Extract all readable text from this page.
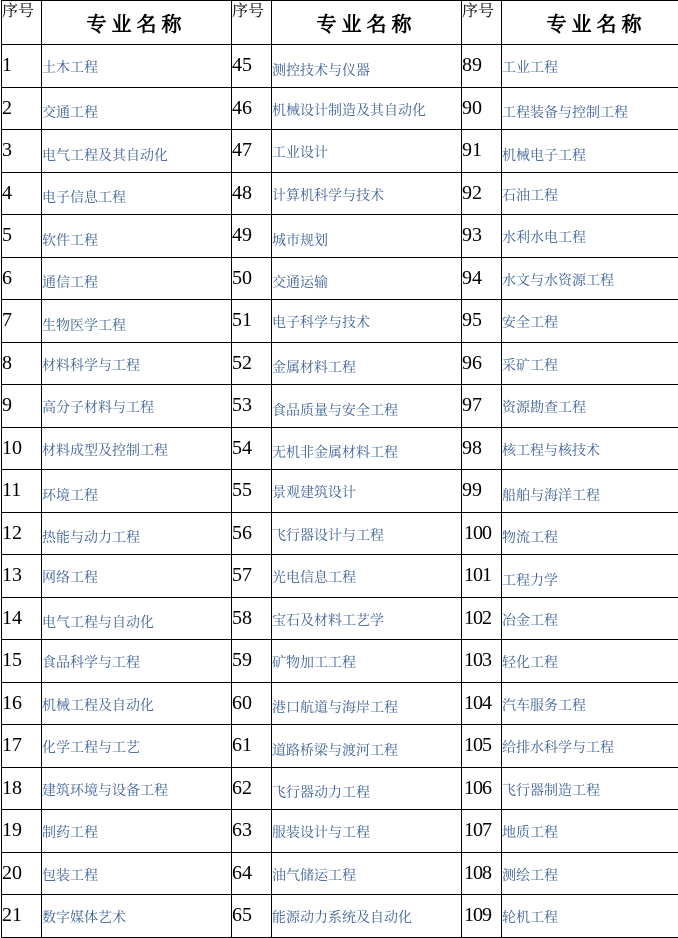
序号	专业名称	序号	专业名称	序号	专业名称
1	土木工程	45	测控技术与仪器	89	工业工程
2	交通工程	46	机械设计制造及其自动化	90	工程装备与控制工程
3	电气工程及其自动化	47	工业设计	91	机械电子工程
4	电子信息工程	48	计算机科学与技术	92	石油工程
5	软件工程	49	城市规划	93	水利水电工程
6	通信工程	50	交通运输	94	水文与水资源工程
7	生物医学工程	51	电子科学与技术	95	安全工程
8	材料科学与工程	52	金属材料工程	96	采矿工程
9	高分子材料与工程	53	食品质量与安全工程	97	资源勘查工程
10	材料成型及控制工程	54	无机非金属材料工程	98	核工程与核技术
11	环境工程	55	景观建筑设计	99	船舶与海洋工程
12	热能与动力工程	56	飞行器设计与工程	100	物流工程
13	网络工程	57	光电信息工程	101	工程力学
14	电气工程与自动化	58	宝石及材料工艺学	102	冶金工程
15	食品科学与工程	59	矿物加工工程	103	轻化工程
16	机械工程及自动化	60	港口航道与海岸工程	104	汽车服务工程
17	化学工程与工艺	61	道路桥梁与渡河工程	105	给排水科学与工程
18	建筑环境与设备工程	62	飞行器动力工程	106	飞行器制造工程
19	制药工程	63	服装设计与工程	107	地质工程
20	包装工程	64	油气储运工程	108	测绘工程
21	数字媒体艺术	65	能源动力系统及自动化	109	轮机工程
